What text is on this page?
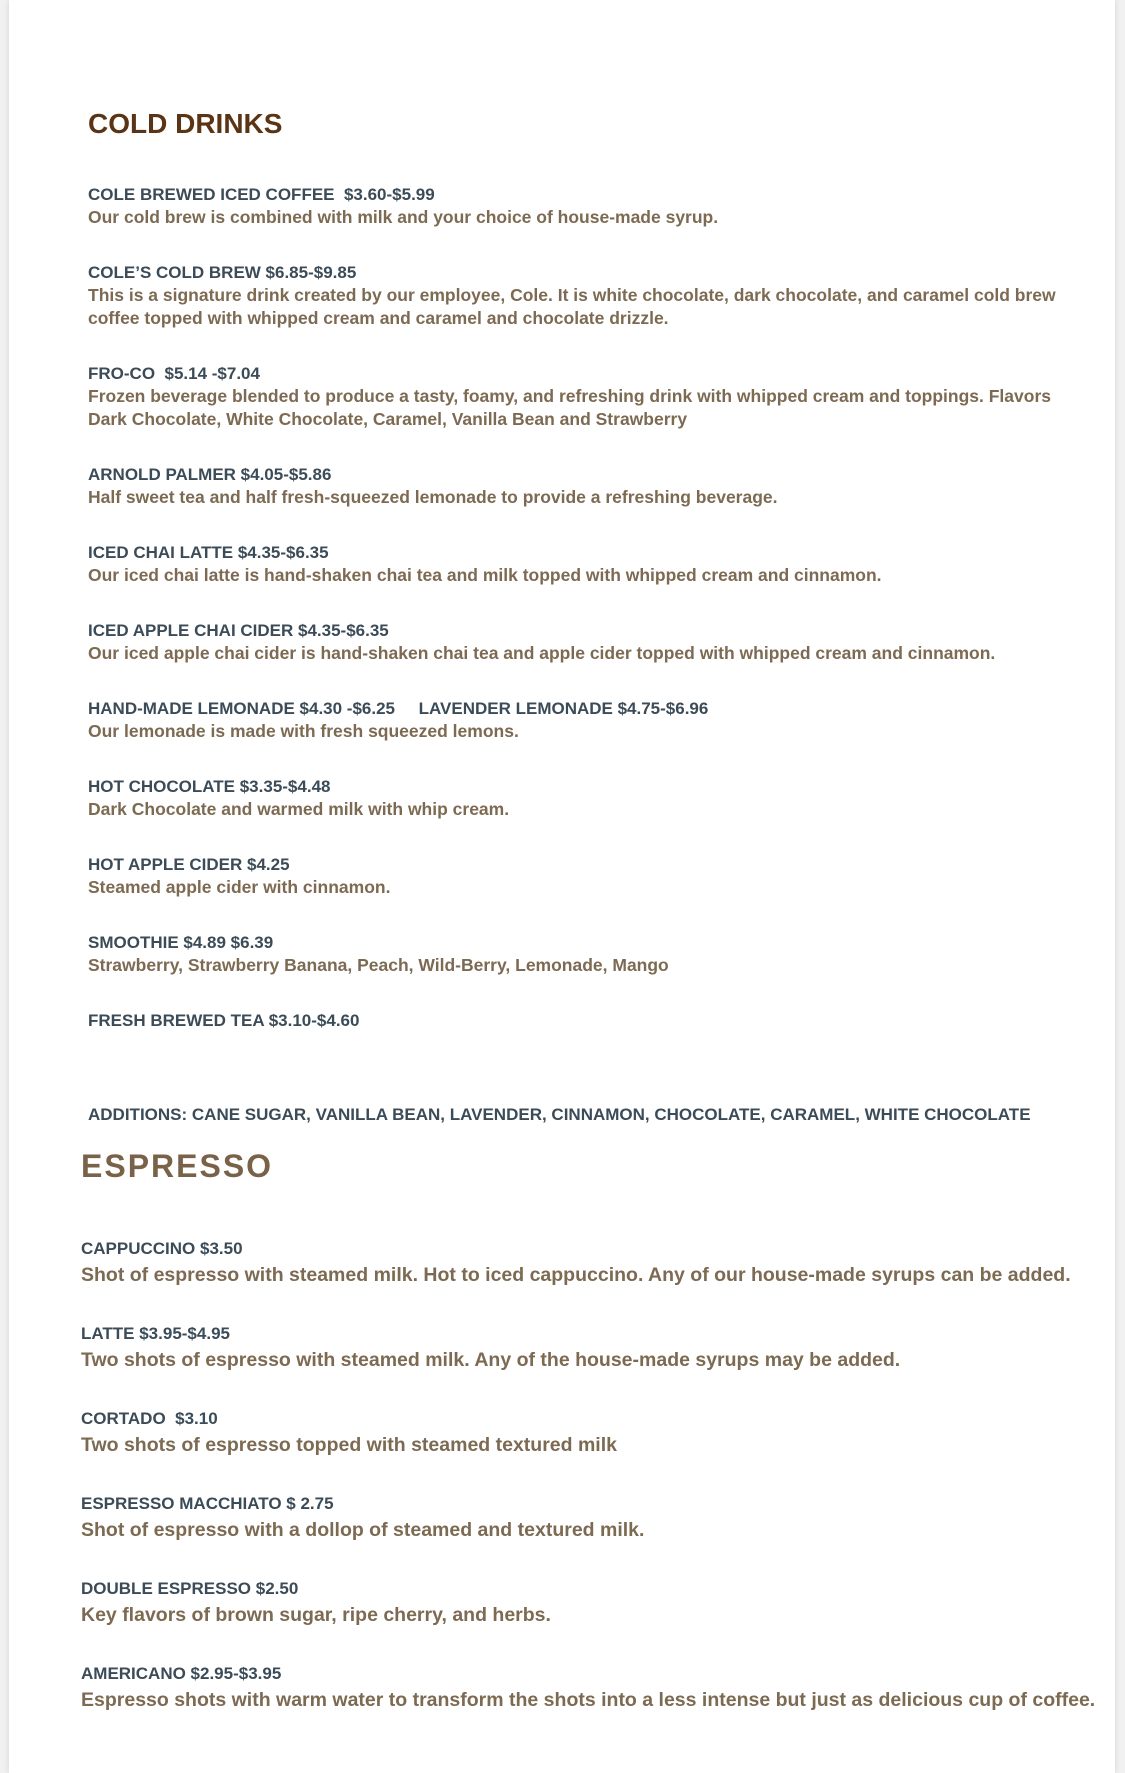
COLD DRINKS
COLE BREWED ICED COFFEE  $3.60-$5.99
Our cold brew is combined with milk and your choice of house-made syrup.
COLE’S COLD BREW $6.85-$9.85
This is a signature drink created by our employee, Cole. It is white chocolate, dark chocolate, and caramel cold brew coffee topped with whipped cream and caramel and chocolate drizzle.
FRO-CO  $5.14 -$7.04
Frozen beverage blended to produce a tasty, foamy, and refreshing drink with whipped cream and toppings. Flavors Dark Chocolate, White Chocolate, Caramel, Vanilla Bean and Strawberry
ARNOLD PALMER $4.05-$5.86
Half sweet tea and half fresh-squeezed lemonade to provide a refreshing beverage.
ICED CHAI LATTE $4.35-$6.35
Our iced chai latte is hand-shaken chai tea and milk topped with whipped cream and cinnamon.
ICED APPLE CHAI CIDER $4.35-$6.35
Our iced apple chai cider is hand-shaken chai tea and apple cider topped with whipped cream and cinnamon.
HAND-MADE LEMONADE $4.30 -$6.25     LAVENDER LEMONADE $4.75-$6.96
Our lemonade is made with fresh squeezed lemons.
HOT CHOCOLATE $3.35-$4.48
Dark Chocolate and warmed milk with whip cream.
HOT APPLE CIDER $4.25
Steamed apple cider with cinnamon.
SMOOTHIE $4.89 $6.39
Strawberry, Strawberry Banana, Peach, Wild-Berry, Lemonade, Mango
FRESH BREWED TEA $3.10-$4.60
ADDITIONS: CANE SUGAR, VANILLA BEAN, LAVENDER, CINNAMON, CHOCOLATE, CARAMEL, WHITE CHOCOLATE
ESPRESSO
CAPPUCCINO $3.50
Shot of espresso with steamed milk. Hot to iced cappuccino. Any of our house-made syrups can be added.
LATTE $3.95-$4.95
Two shots of espresso with steamed milk. Any of the house-made syrups may be added.
CORTADO  $3.10
Two shots of espresso topped with steamed textured milk
ESPRESSO MACCHIATO $ 2.75
Shot of espresso with a dollop of steamed and textured milk.
DOUBLE ESPRESSO $2.50
Key flavors of brown sugar, ripe cherry, and herbs.
AMERICANO $2.95-$3.95
Espresso shots with warm water to transform the shots into a less intense but just as delicious cup of coffee.
